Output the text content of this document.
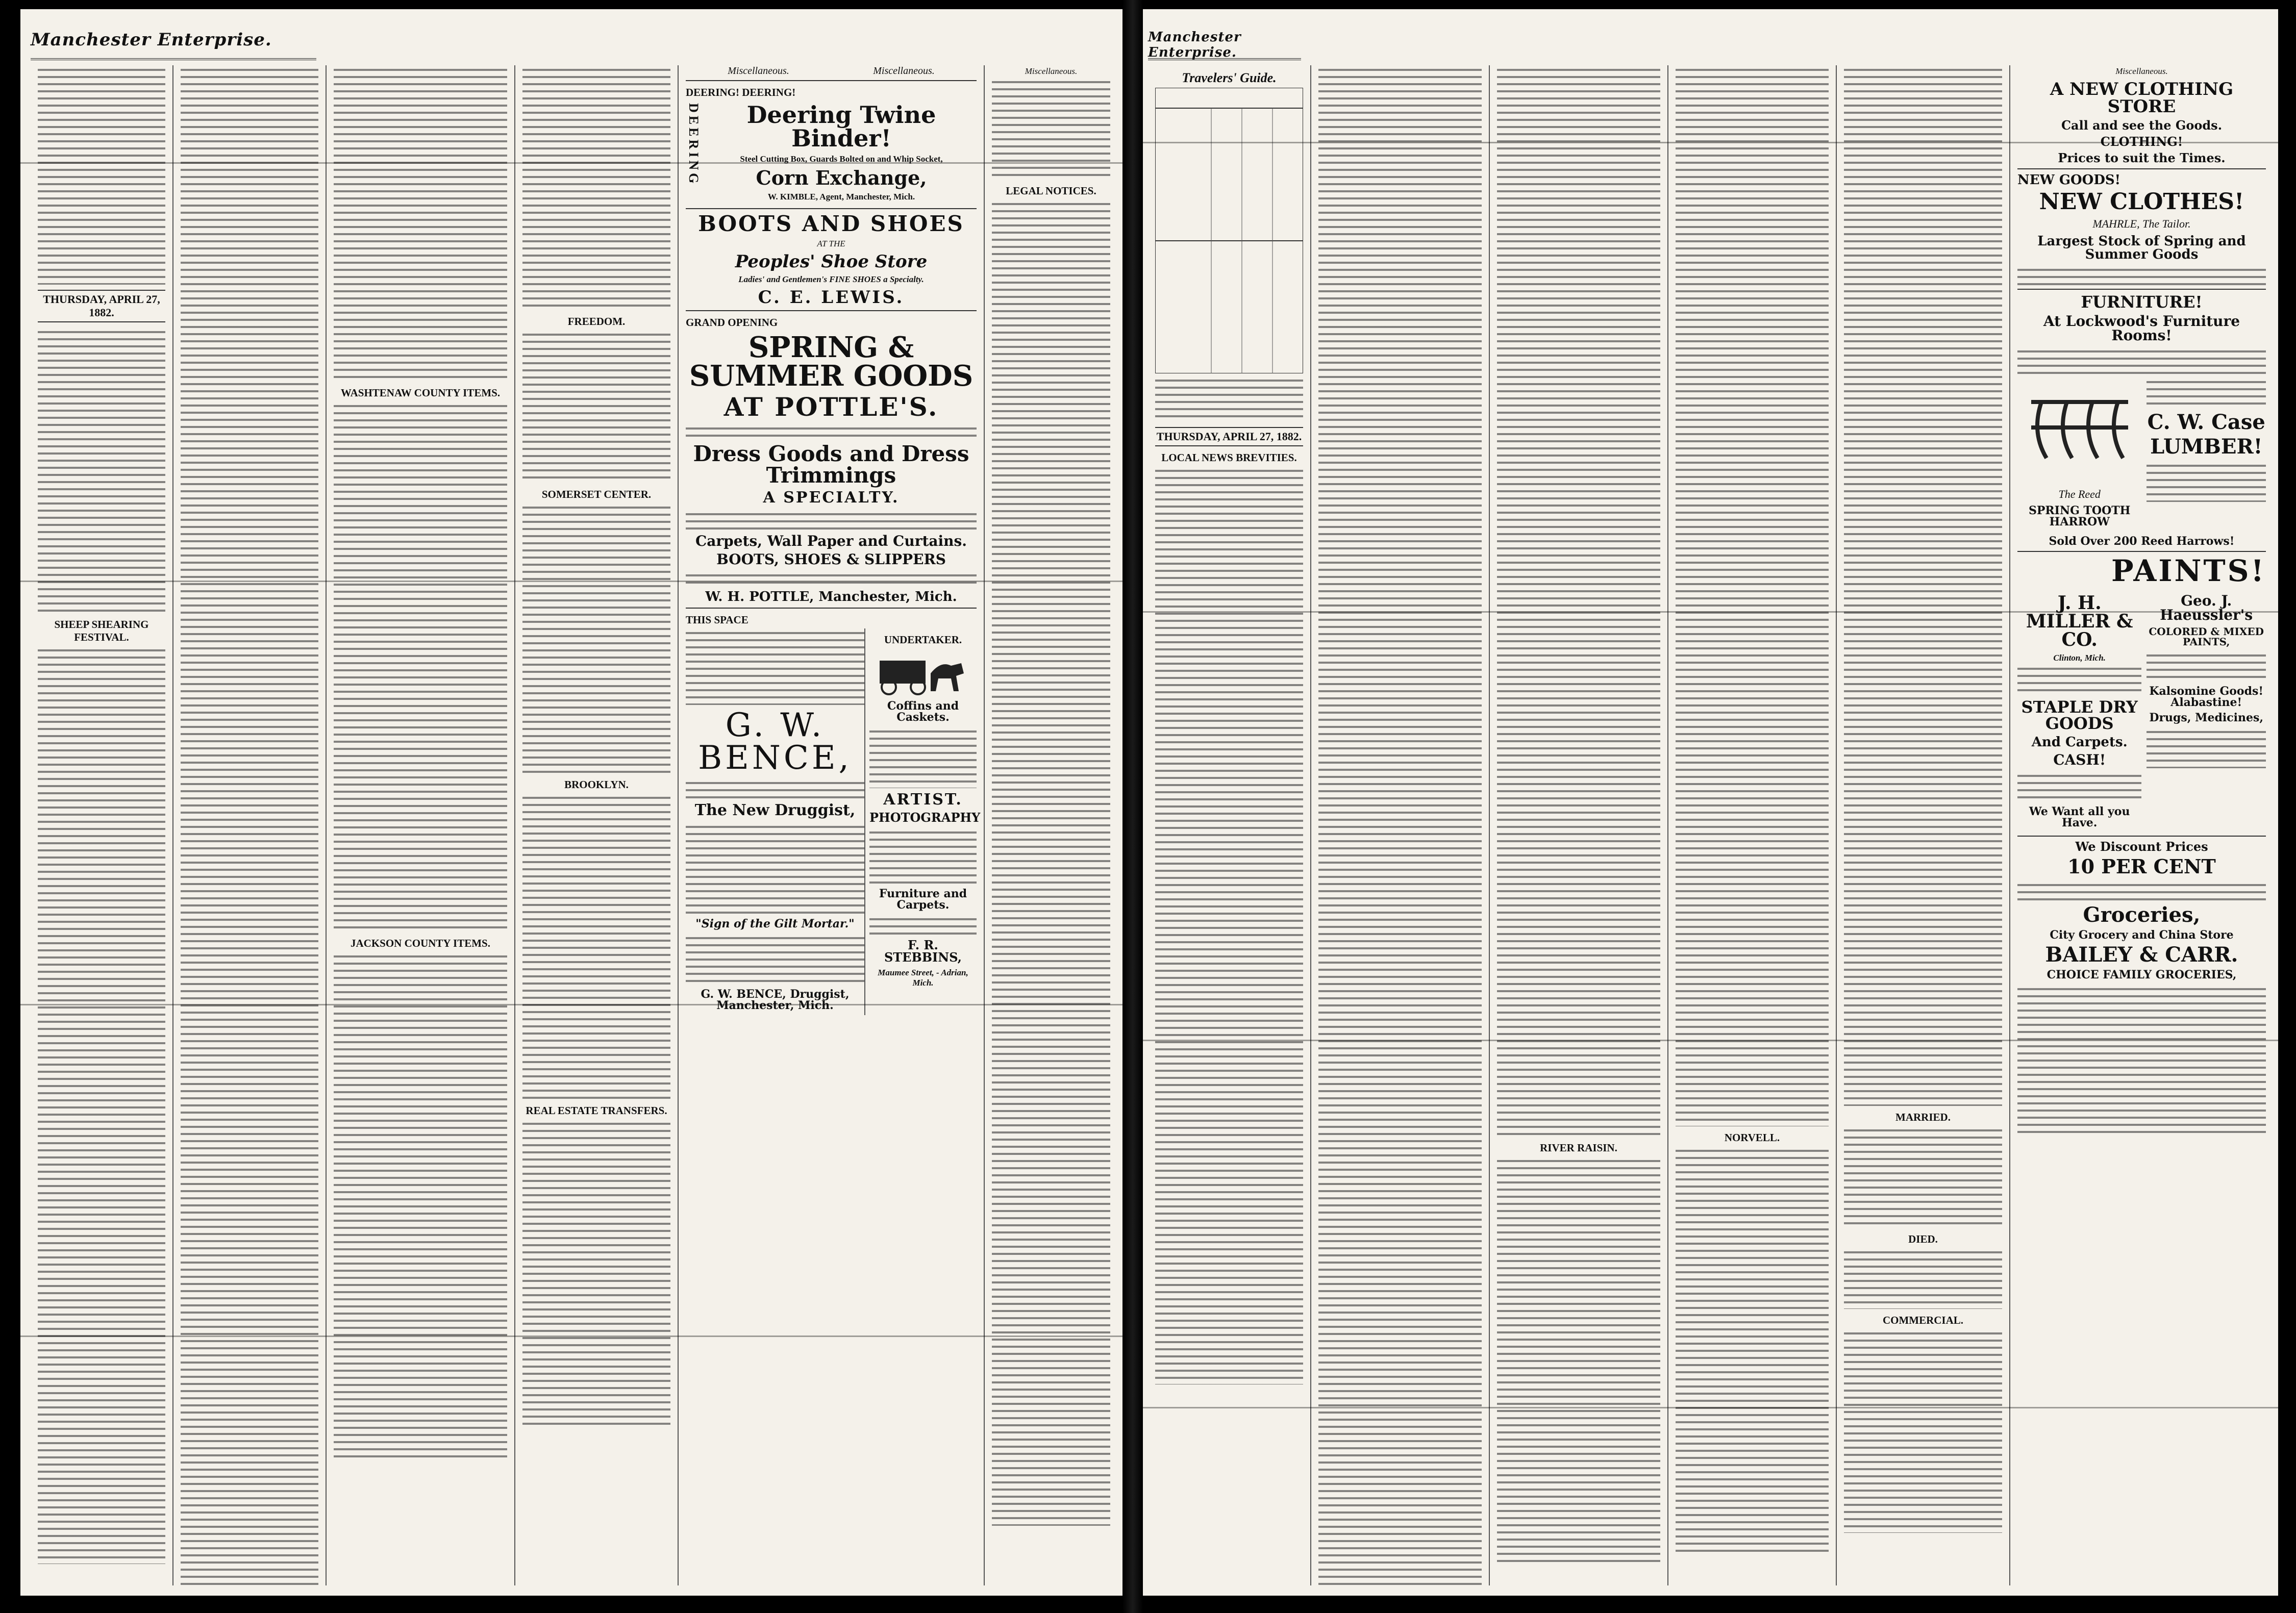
Manchester Enterprise.
THURSDAY, APRIL 27, 1882.
SHEEP SHEARING FESTIVAL.
WASHTENAW COUNTY ITEMS.
JACKSON COUNTY ITEMS.
FREEDOM.
SOMERSET CENTER.
BROOKLYN.
REAL ESTATE TRANSFERS.
Miscellaneous.	Miscellaneous.
DEERING! DEERING!
DEERING	Deering Twine Binder!
Steel Cutting Box, Guards Bolted on and Whip Socket,
Corn Exchange,
W. KIMBLE, Agent, Manchester, Mich.
BOOTS AND SHOES
AT THE
Peoples' Shoe Store
Ladies' and Gentlemen's FINE SHOES a Specialty.
C. E. LEWIS.
GRAND OPENING
SPRING & SUMMER GOODS
AT POTTLE'S.
Dress Goods and Dress Trimmings
A SPECIALTY.
Carpets, Wall Paper and Curtains.
BOOTS, SHOES & SLIPPERS
W. H. POTTLE, Manchester, Mich.
THIS SPACE
G. W. BENCE,
The New Druggist,
"Sign of the Gilt Mortar."
G. W. BENCE, Druggist, Manchester, Mich.
UNDERTAKER.
Coffins and Caskets.
ARTIST.
PHOTOGRAPHY
Furniture and Carpets.
F. R. STEBBINS,
Maumee Street, - Adrian, Mich.
Miscellaneous.
LEGAL NOTICES.
Manchester Enterprise.
Travelers' Guide.
THURSDAY, APRIL 27, 1882.
LOCAL NEWS BREVITIES.
RIVER RAISIN.
NORVELL.
MARRIED.
DIED.
COMMERCIAL.
Miscellaneous.
A NEW CLOTHING STORE
Call and see the Goods.
CLOTHING!
Prices to suit the Times.
NEW GOODS!
NEW CLOTHES!
MAHRLE, The Tailor.
Largest Stock of Spring and Summer Goods
FURNITURE!
At Lockwood's Furniture Rooms!
The Reed
SPRING TOOTH HARROW
C. W. Case
LUMBER!
Sold Over 200 Reed Harrows!
PAINTS!
J. H. MILLER & CO.
Clinton, Mich.
STAPLE DRY GOODS
And Carpets.
CASH!
We Want all you Have.
Geo. J. Haeussler's
COLORED & MIXED PAINTS,
Kalsomine Goods! Alabastine!
Drugs, Medicines,
We Discount Prices
10 PER CENT
Groceries,
City Grocery and China Store
BAILEY & CARR.
CHOICE FAMILY GROCERIES,
